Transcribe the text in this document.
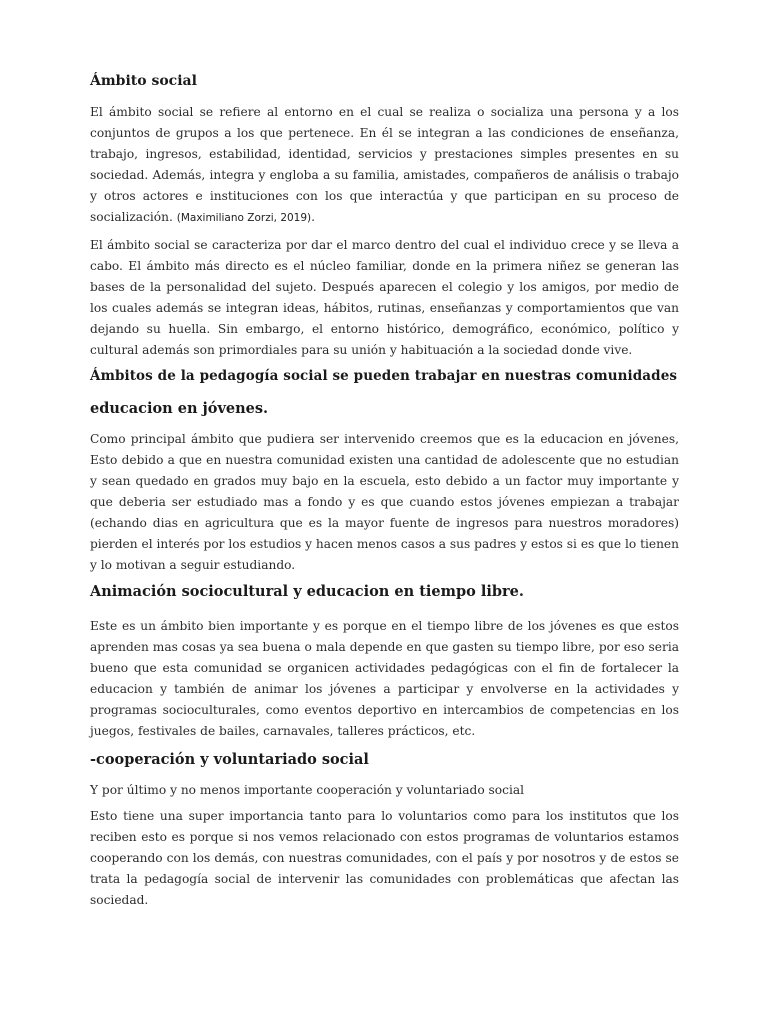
Ámbito social

El ámbito social se refiere al entorno en el cual se realiza o socializa una persona y a los conjuntos de grupos a los que pertenece. En él se integran a las condiciones de enseñanza, trabajo, ingresos, estabilidad, identidad, servicios y prestaciones simples presentes en su sociedad. Además, integra y engloba a su familia, amistades, compañeros de análisis o trabajo y otros actores e instituciones con los que interactúa y que participan en su proceso de socialización. (Maximiliano Zorzi, 2019).

El ámbito social se caracteriza por dar el marco dentro del cual el individuo crece y se lleva a cabo. El ámbito más directo es el núcleo familiar, donde en la primera niñez se generan las bases de la personalidad del sujeto. Después aparecen el colegio y los amigos, por medio de los cuales además se integran ideas, hábitos, rutinas, enseñanzas y comportamientos que van dejando su huella. Sin embargo, el entorno histórico, demográfico, económico, político y cultural además son primordiales para su unión y habituación a la sociedad donde vive.

Ámbitos de la pedagogía social se pueden trabajar en nuestras comunidades
educacion en jóvenes.

Como principal ámbito que pudiera ser intervenido creemos que es la educacion en jóvenes, Esto debido a que en nuestra comunidad existen una cantidad de adolescente que no estudian y sean quedado en grados muy bajo en la escuela, esto debido a un factor muy importante y que deberia ser estudiado mas a fondo y es que cuando estos jóvenes empiezan a trabajar (echando dias en agricultura que es la mayor fuente de ingresos para nuestros moradores) pierden el interés por los estudios y hacen menos casos a sus padres y estos si es que lo tienen y lo motivan a seguir estudiando.

Animación sociocultural y educacion en tiempo libre.

Este es un ámbito bien importante y es porque en el tiempo libre de los jóvenes es que estos aprenden mas cosas ya sea buena o mala depende en que gasten su tiempo libre, por eso seria bueno que esta comunidad se organicen actividades pedagógicas con el fin de fortalecer la educacion y también de animar los jóvenes a participar y envolverse en la actividades y programas socioculturales, como eventos deportivo en intercambios de competencias en los juegos, festivales de bailes, carnavales, talleres prácticos, etc.

-cooperación y voluntariado social

Y por último y no menos importante cooperación y voluntariado social

Esto tiene una super importancia tanto para lo voluntarios como para los institutos que los reciben esto es porque si nos vemos relacionado con estos programas de voluntarios estamos cooperando con los demás, con nuestras comunidades, con el país y por nosotros y de estos se trata la pedagogía social de intervenir las comunidades con problemáticas que afectan las sociedad.
